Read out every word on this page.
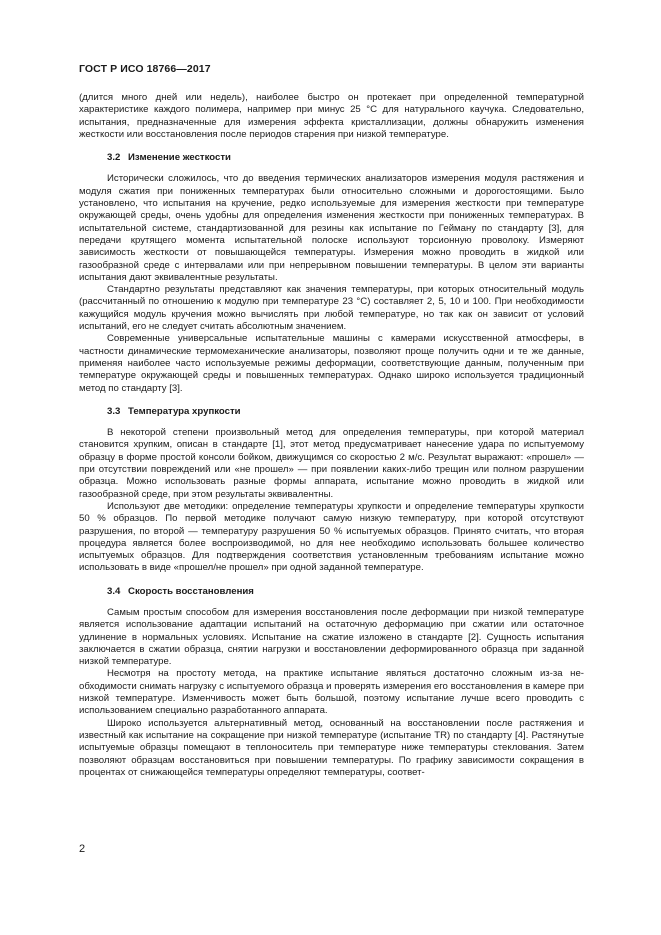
ГОСТ Р ИСО 18766—2017

(длится много дней или недель), наиболее быстро он протекает при определенной температурной характеристике каждого полимера, например при минус 25 °С для натурального каучука. Следовательно, испытания, предназначенные для измерения эффекта кристаллизации, должны обнаружить изменения жесткости или восстановления после периодов старения при низкой температуре.

3.2 Изменение жесткости

Исторически сложилось, что до введения термических анализаторов измерения модуля растяжения и модуля сжатия при пониженных температурах были относительно сложными и дорогостоящими. Было установлено, что испытания на кручение, редко используемые для измерения жесткости при температуре окружающей среды, очень удобны для определения изменения жесткости при пониженных температурах. В испытательной системе, стандартизованной для резины как испытание по Гейману по стандарту [3], для передачи крутящего момента испытательной полоске используют торсионную проволоку. Измеряют зависимость жесткости от повышающейся температуры. Измерения можно проводить в жидкой или газообразной среде с интервалами или при непрерывном повышении температуры. В целом эти варианты испытания дают эквивалентные результаты.

Стандартно результаты представляют как значения температуры, при которых относительный модуль (рассчитанный по отношению к модулю при температуре 23 °С) составляет 2, 5, 10 и 100. При необходимости кажущийся модуль кручения можно вычислять при любой температуре, но так как он зависит от условий испытаний, его не следует считать абсолютным значением.

Современные универсальные испытательные машины с камерами искусственной атмосферы, в частности динамические термомеханические анализаторы, позволяют проще получить одни и те же данные, применяя наиболее часто используемые режимы деформации, соответствующие данным, полученным при температуре окружающей среды и повышенных температурах. Однако широко используется традиционный метод по стандарту [3].

3.3 Температура хрупкости

В некоторой степени произвольный метод для определения температуры, при которой материал становится хрупким, описан в стандарте [1], этот метод предусматривает нанесение удара по испытуемому образцу в форме простой консоли бойком, движущимся со скоростью 2 м/с. Результат выражают: «прошел» — при отсутствии повреждений или «не прошел» — при появлении каких-либо трещин или полном разрушении образца. Можно использовать разные формы аппарата, испытание можно проводить в жидкой или газообразной среде, при этом результаты эквивалентны.

Используют две методики: определение температуры хрупкости и определение температуры хрупкости 50 % образцов. По первой методике получают самую низкую температуру, при которой отсутствуют разрушения, по второй — температуру разрушения 50 % испытуемых образцов. Принято считать, что вторая процедура является более воспроизводимой, но для нее необходимо использовать большее количество испытуемых образцов. Для подтверждения соответствия установленным требованиям испытание можно использовать в виде «прошел/не прошел» при одной заданной температуре.

3.4 Скорость восстановления

Самым простым способом для измерения восстановления после деформации при низкой температуре является использование адаптации испытаний на остаточную деформацию при сжатии или остаточное удлинение в нормальных условиях. Испытание на сжатие изложено в стандарте [2]. Сущность испытания заключается в сжатии образца, снятии нагрузки и восстановлении деформированного образца при заданной низкой температуре.

Несмотря на простоту метода, на практике испытание являться достаточно сложным из-за необходимости снимать нагрузку с испытуемого образца и проверять измерения его восстановления в камере при низкой температуре. Изменчивость может быть большой, поэтому испытание лучше всего проводить с использованием специально разработанного аппарата.

Широко используется альтернативный метод, основанный на восстановлении после растяжения и известный как испытание на сокращение при низкой температуре (испытание TR) по стандарту [4]. Растянутые испытуемые образцы помещают в теплоноситель при температуре ниже температуры стеклования. Затем позволяют образцам восстановиться при повышении температуры. По графику зависимости сокращения в процентах от снижающейся температуры определяют температуры, соответ-

2
